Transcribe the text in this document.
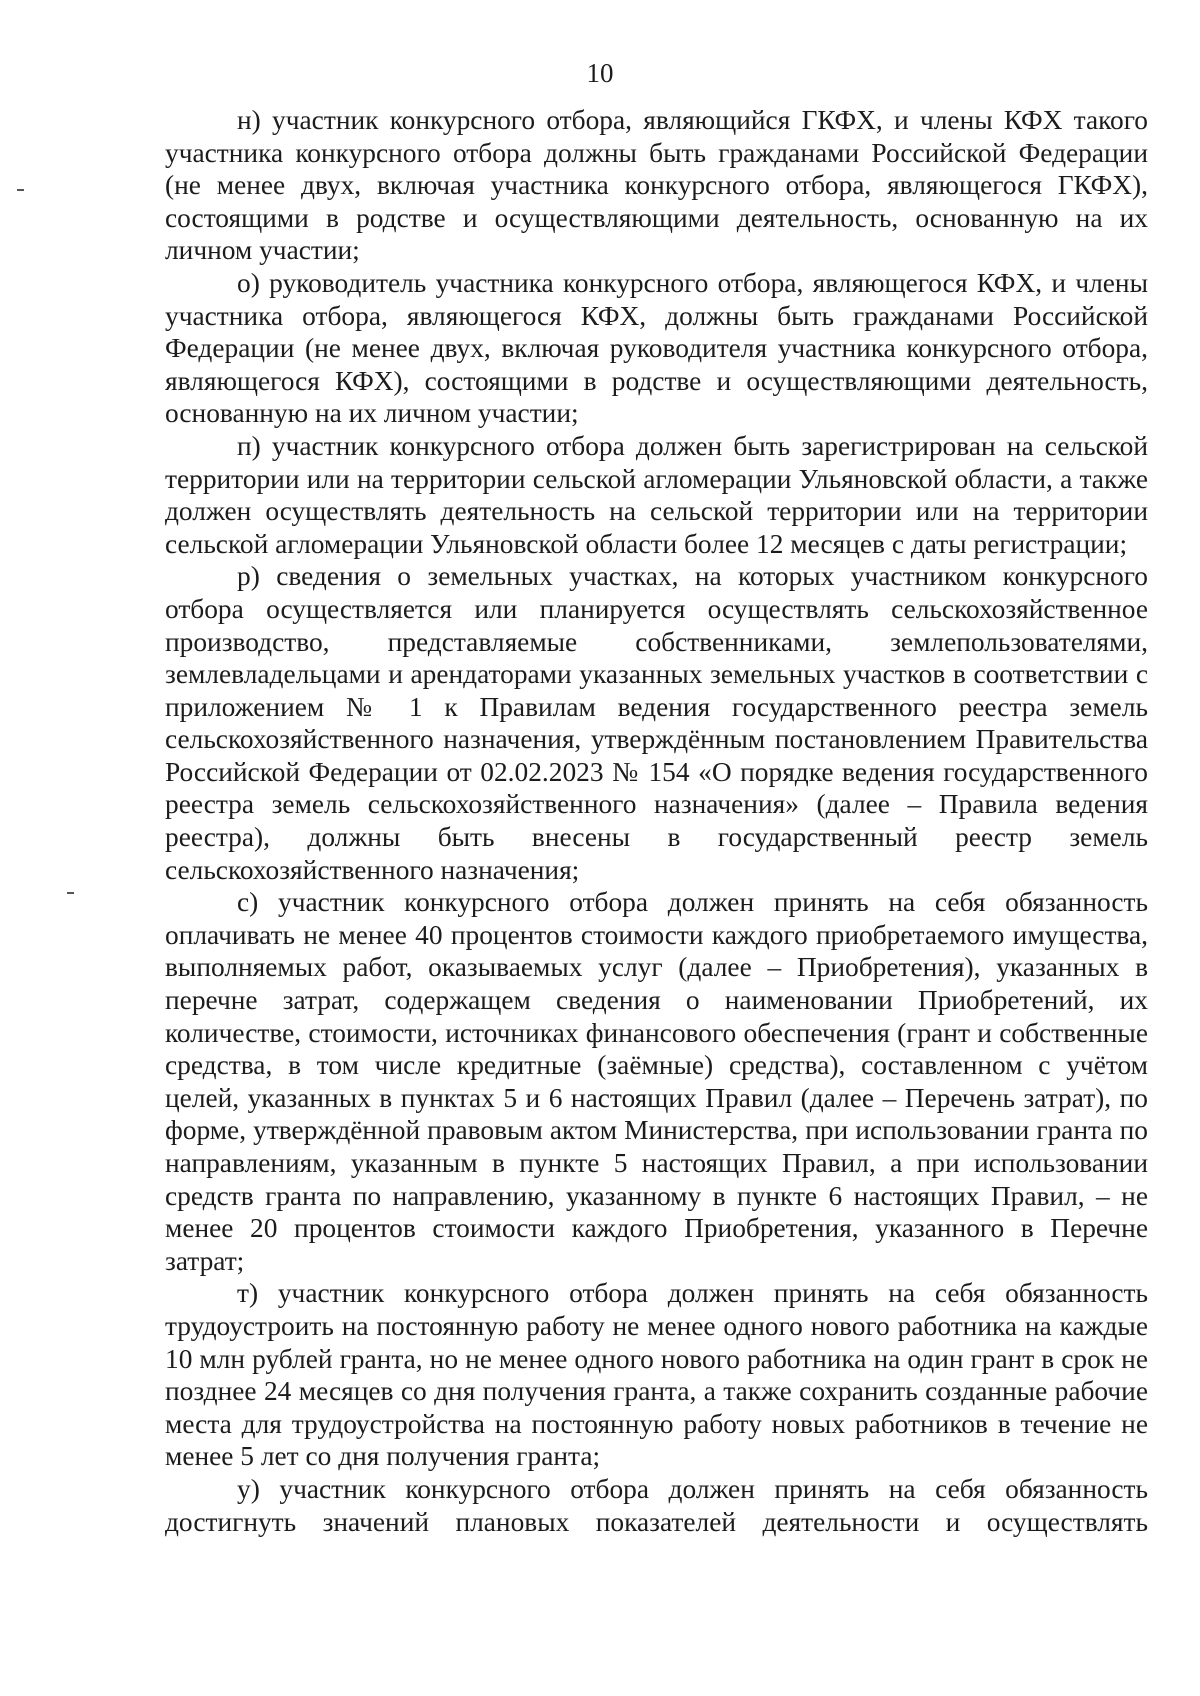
10

н) участник конкурсного отбора, являющийся ГКФХ, и члены КФХ такого участника конкурсного отбора должны быть гражданами Российской Федерации (не менее двух, включая участника конкурсного отбора, являющегося ГКФХ), состоящими в родстве и осуществляющими деятельность, основанную на их личном участии;

о) руководитель участника конкурсного отбора, являющегося КФХ, и члены участника отбора, являющегося КФХ, должны быть гражданами Российской Федерации (не менее двух, включая руководителя участника конкурсного отбора, являющегося КФХ), состоящими в родстве и осуществляющими деятельность, основанную на их личном участии;

п) участник конкурсного отбора должен быть зарегистрирован на сельской территории или на территории сельской агломерации Ульяновской области, а также должен осуществлять деятельность на сельской территории или на территории сельской агломерации Ульяновской области более 12 месяцев с даты регистрации;

р) сведения о земельных участках, на которых участником конкурсного отбора осуществляется или планируется осуществлять сельскохозяйственное производство, представляемые собственниками, землепользователями, землевладельцами и арендаторами указанных земельных участков в соответствии с приложением № 1 к Правилам ведения государственного реестра земель сельскохозяйственного назначения, утверждённым постановлением Правительства Российской Федерации от 02.02.2023 № 154 «О порядке ведения государственного реестра земель сельскохозяйственного назначения» (далее – Правила ведения реестра), должны быть внесены в государственный реестр земель сельскохозяйственного назначения;

с) участник конкурсного отбора должен принять на себя обязанность оплачивать не менее 40 процентов стоимости каждого приобретаемого имущества, выполняемых работ, оказываемых услуг (далее – Приобретения), указанных в перечне затрат, содержащем сведения о наименовании Приобретений, их количестве, стоимости, источниках финансового обеспечения (грант и собственные средства, в том числе кредитные (заёмные) средства), составленном с учётом целей, указанных в пунктах 5 и 6 настоящих Правил (далее – Перечень затрат), по форме, утверждённой правовым актом Министерства, при использовании гранта по направлениям, указанным в пункте 5 настоящих Правил, а при использовании средств гранта по направлению, указанному в пункте 6 настоящих Правил, – не менее 20 процентов стоимости каждого Приобретения, указанного в Перечне затрат;

т) участник конкурсного отбора должен принять на себя обязанность трудоустроить на постоянную работу не менее одного нового работника на каждые 10 млн рублей гранта, но не менее одного нового работника на один грант в срок не позднее 24 месяцев со дня получения гранта, а также сохранить созданные рабочие места для трудоустройства на постоянную работу новых работников в течение не менее 5 лет со дня получения гранта;

у) участник конкурсного отбора должен принять на себя обязанность достигнуть значений плановых показателей деятельности и осуществлять
